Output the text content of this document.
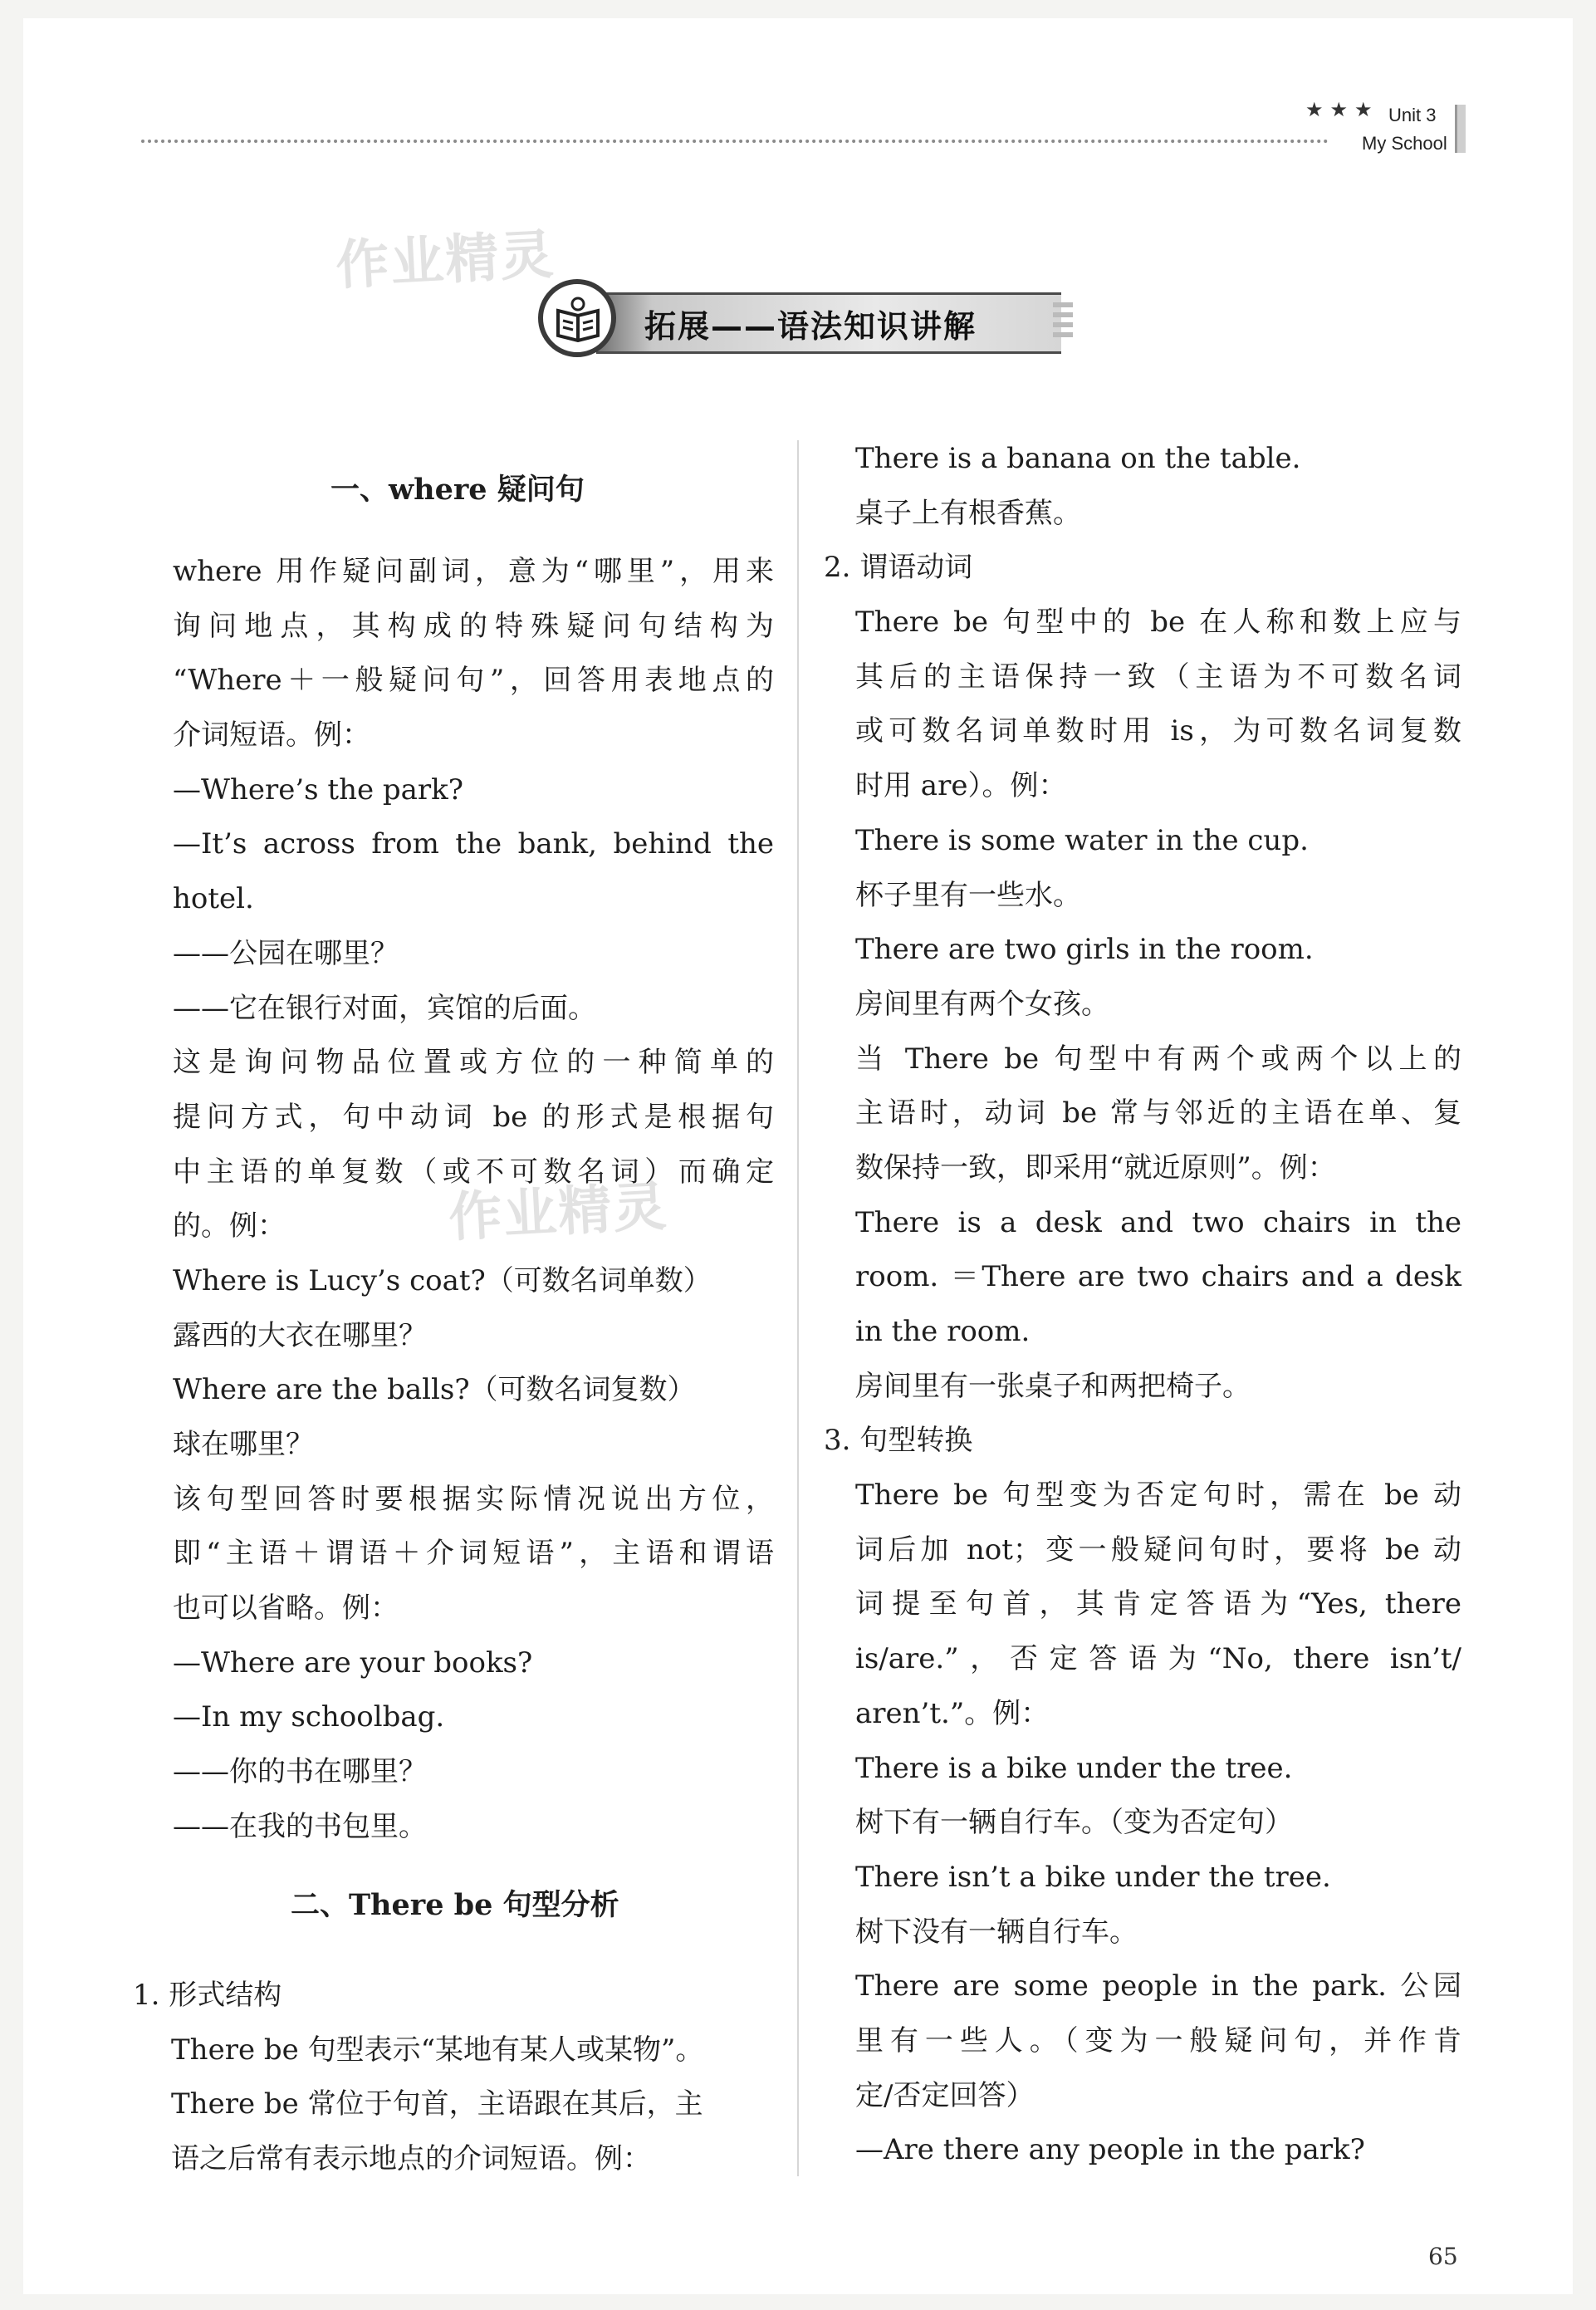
★★★ Unit 3
My School
作业精灵
作业精灵
拓展——语法知识讲解
一、where 疑问句
where 用作疑问副词，意为“哪里”，用来
询问地点，其构成的特殊疑问句结构为
“Where＋一般疑问句”，回答用表地点的
介词短语。例：
—Where’s the park?
—It’s across from the bank, behind the
hotel.
——公园在哪里？
——它在银行对面，宾馆的后面。
这是询问物品位置或方位的一种简单的
提问方式，句中动词 be 的形式是根据句
中主语的单复数（或不可数名词）而确定
的。例：
Where is Lucy’s coat?（可数名词单数）
露西的大衣在哪里？
Where are the balls?（可数名词复数）
球在哪里？
该句型回答时要根据实际情况说出方位，
即“主语＋谓语＋介词短语”，主语和谓语
也可以省略。例：
—Where are your books?
—In my schoolbag.
——你的书在哪里？
——在我的书包里。
二、There be 句型分析
1. 形式结构
There be 句型表示“某地有某人或某物”。
There be 常位于句首，主语跟在其后，主
语之后常有表示地点的介词短语。例：
There is a banana on the table.
桌子上有根香蕉。
2. 谓语动词
There be 句型中的 be 在人称和数上应与
其后的主语保持一致（主语为不可数名词
或可数名词单数时用 is，为可数名词复数
时用 are）。例：
There is some water in the cup.
杯子里有一些水。
There are two girls in the room.
房间里有两个女孩。
当 There be 句型中有两个或两个以上的
主语时，动词 be 常与邻近的主语在单、复
数保持一致，即采用“就近原则”。例：
There is a desk and two chairs in the
room. ＝There are two chairs and a desk
in the room.
房间里有一张桌子和两把椅子。
3. 句型转换
There be 句型变为否定句时，需在 be 动
词后加 not；变一般疑问句时，要将 be 动
词提至句首，其肯定答语为“Yes, there
is/are.”，否定答语为“No, there isn’t/
aren’t.”。例：
There is a bike under the tree.
树下有一辆自行车。（变为否定句）
There isn’t a bike under the tree.
树下没有一辆自行车。
There are some people in the park. 公园
里有一些人。（变为一般疑问句，并作肯
定/否定回答）
—Are there any people in the park?
65
